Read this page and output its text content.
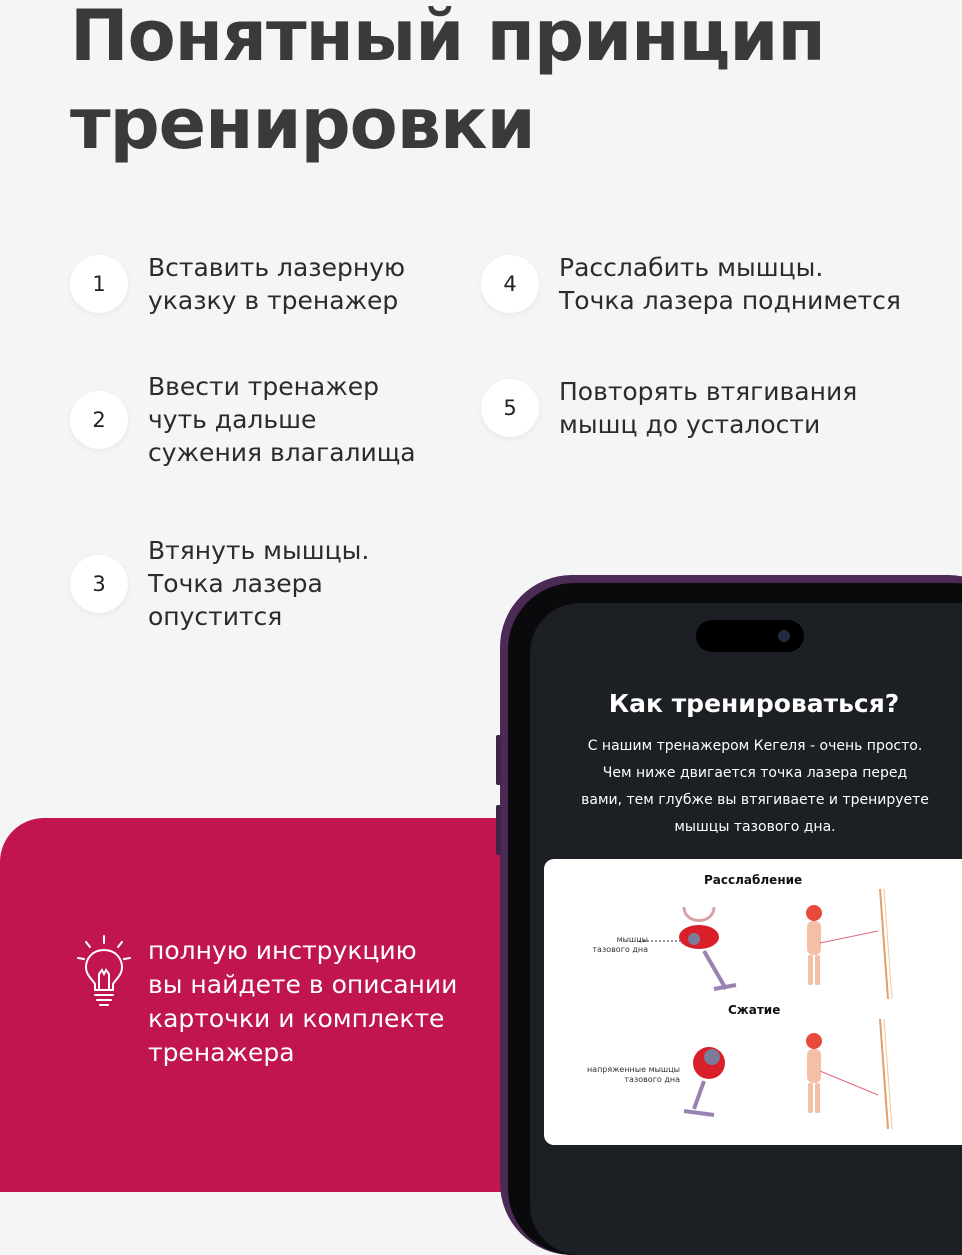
Понятный принцип тренировки
1
Вставить лазерную
указку в тренажер
2
Ввести тренажер
чуть дальше
сужения влагалища
3
Втянуть мышцы.
Точка лазера
опустится
4
Расслабить мышцы.
Точка лазера поднимется
5
Повторять втягивания
мышц до усталости
полную инструкцию
вы найдете в описании
карточки и комплекте
тренажера
Как тренироваться?
С нашим тренажером Кегеля - очень просто.
Чем ниже двигается точка лазера перед
вами, тем глубже вы втягиваете и тренируете
мышцы тазового дна.
Расслабление
мышцы
тазового дна
Сжатие
напряженные мышцы
тазового дна
